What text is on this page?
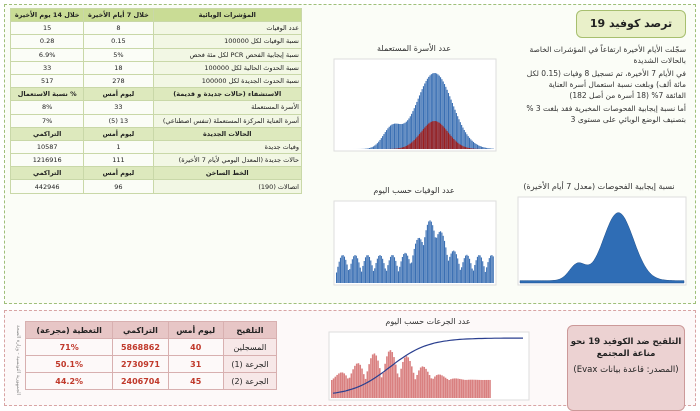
ترصد كوفيد 19

سجّلت الأيام الأخيرة ارتفاعاً في المؤشرات الخاصة بالحالات الشديدة

في الأيام 7 الأخيرة، تم تسجيل 8 وفيات (0.15 لكل مائة ألف) وبلغت نسبة استعمال أسرة العناية الفائقة 7% (18 أسرة من أصل 182)

أما نسبة إيجابية الفحوصات المخبرية فقد بلغت 3 % بتصنيف الوضع الوبائي على مستوى 3

عدد الأسرة المستعملة
عدد الوفيات حسب اليوم	نسبة إيجابية الفحوصات (معدل 7 أيام الأخيرة)
المؤشرات الوبائية	خلال 7 أيام الأخيرة	خلال 14 يوم الأخيرة
عدد الوفيات	8	15
نسبة الوفيات لكل 100000	0.15	0.28
نسبة إيجابية الفحص PCR لكل مئة فحص	5%	6.9%
نسبة الحدوث الحالية لكل 100000	18	33
نسبة الحدوث الجديدة لكل 100000	278	517
الاستشفاء (حالات جديدة و قديمة)	ليوم أمس	% نسبة الاستعمال
الأسرة المستعملة	33	8%
أسرة العناية المركزة المستعملة (تنفس اصطناعي)	13 (5)	7%
الحالات الجديدة	ليوم أمس	التراكمي
وفيات جديدة	1	10587
حالات جديدة (المعدل اليومي لأيام 7 الأخيرة)	111	1216916
الخط الساخن	ليوم أمس	التراكمي
اتصالات (190)	96	442946
الجمهورية التونسية - وزارة الصحة	التلقيح	ليوم أمس	التراكمي	التغطية (مجرعة)
المسجلين	40	5868862	71%
الجرعة (1)	31	2730971	50.1%
الجرعة (2)	45	2406704	44.2%
عدد الجرعات حسب اليوم
التلقيح ضد الكوفيد 19 نحو مناعة المجتمع
(المصدر: قاعدة بيانات Evax)
